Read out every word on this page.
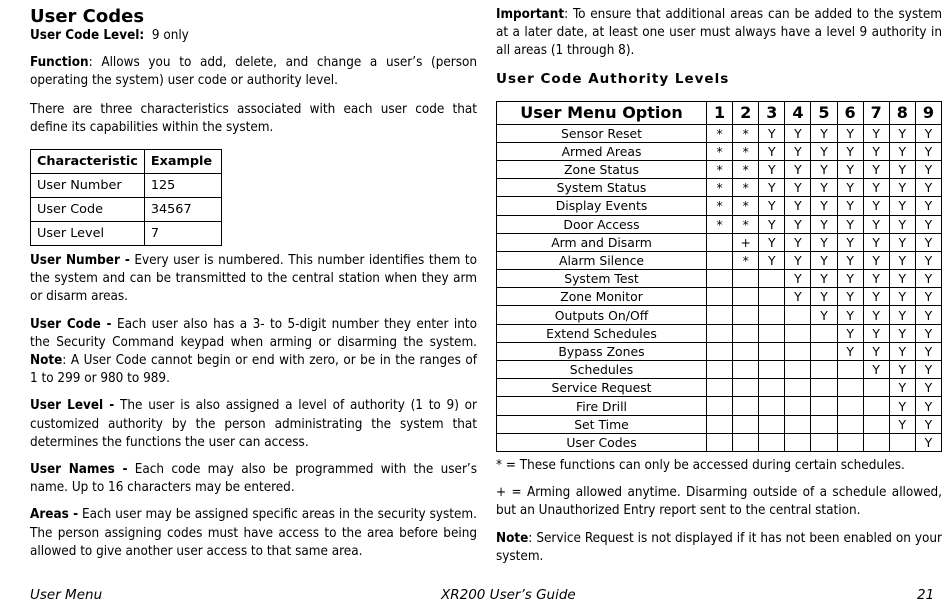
User Codes

User Code Level: 9 only

Function: Allows you to add, delete, and change a user’s (person operating the system) user code or authority level.

There are three characteristics associated with each user code that define its capabilities within the system.

Characteristic	Example
User Number	125
User Code	34567
User Level	7

User Number - Every user is numbered. This number identifies them to the system and can be transmitted to the central station when they arm or disarm areas.

User Code - Each user also has a 3- to 5-digit number they enter into the Security Command keypad when arming or disarming the system. Note: A User Code cannot begin or end with zero, or be in the ranges of 1 to 299 or 980 to 989.

User Level - The user is also assigned a level of authority (1 to 9) or customized authority by the person administrating the system that determines the functions the user can access.

User Names - Each code may also be programmed with the user’s name. Up to 16 characters may be entered.

Areas - Each user may be assigned specific areas in the security system. The person assigning codes must have access to the area before being allowed to give another user access to that same area.

Important: To ensure that additional areas can be added to the system at a later date, at least one user must always have a level 9 authority in all areas (1 through 8).

User Code Authority Levels
User Menu Option	1	2	3	4	5	6	7	8	9
Sensor Reset	*	*	Y	Y	Y	Y	Y	Y	Y
Armed Areas	*	*	Y	Y	Y	Y	Y	Y	Y
Zone Status	*	*	Y	Y	Y	Y	Y	Y	Y
System Status	*	*	Y	Y	Y	Y	Y	Y	Y
Display Events	*	*	Y	Y	Y	Y	Y	Y	Y
Door Access	*	*	Y	Y	Y	Y	Y	Y	Y
Arm and Disarm		+	Y	Y	Y	Y	Y	Y	Y
Alarm Silence		*	Y	Y	Y	Y	Y	Y	Y
System Test				Y	Y	Y	Y	Y	Y
Zone Monitor				Y	Y	Y	Y	Y	Y
Outputs On/Off					Y	Y	Y	Y	Y
Extend Schedules						Y	Y	Y	Y
Bypass Zones						Y	Y	Y	Y
Schedules							Y	Y	Y
Service Request								Y	Y
Fire Drill								Y	Y
Set Time								Y	Y
User Codes									Y

* = These functions can only be accessed during certain schedules.

+ = Arming allowed anytime. Disarming outside of a schedule allowed, but an Unauthorized Entry report sent to the central station.

Note: Service Request is not displayed if it has not been enabled on your system.

User Menu	XR200 User’s Guide	21
